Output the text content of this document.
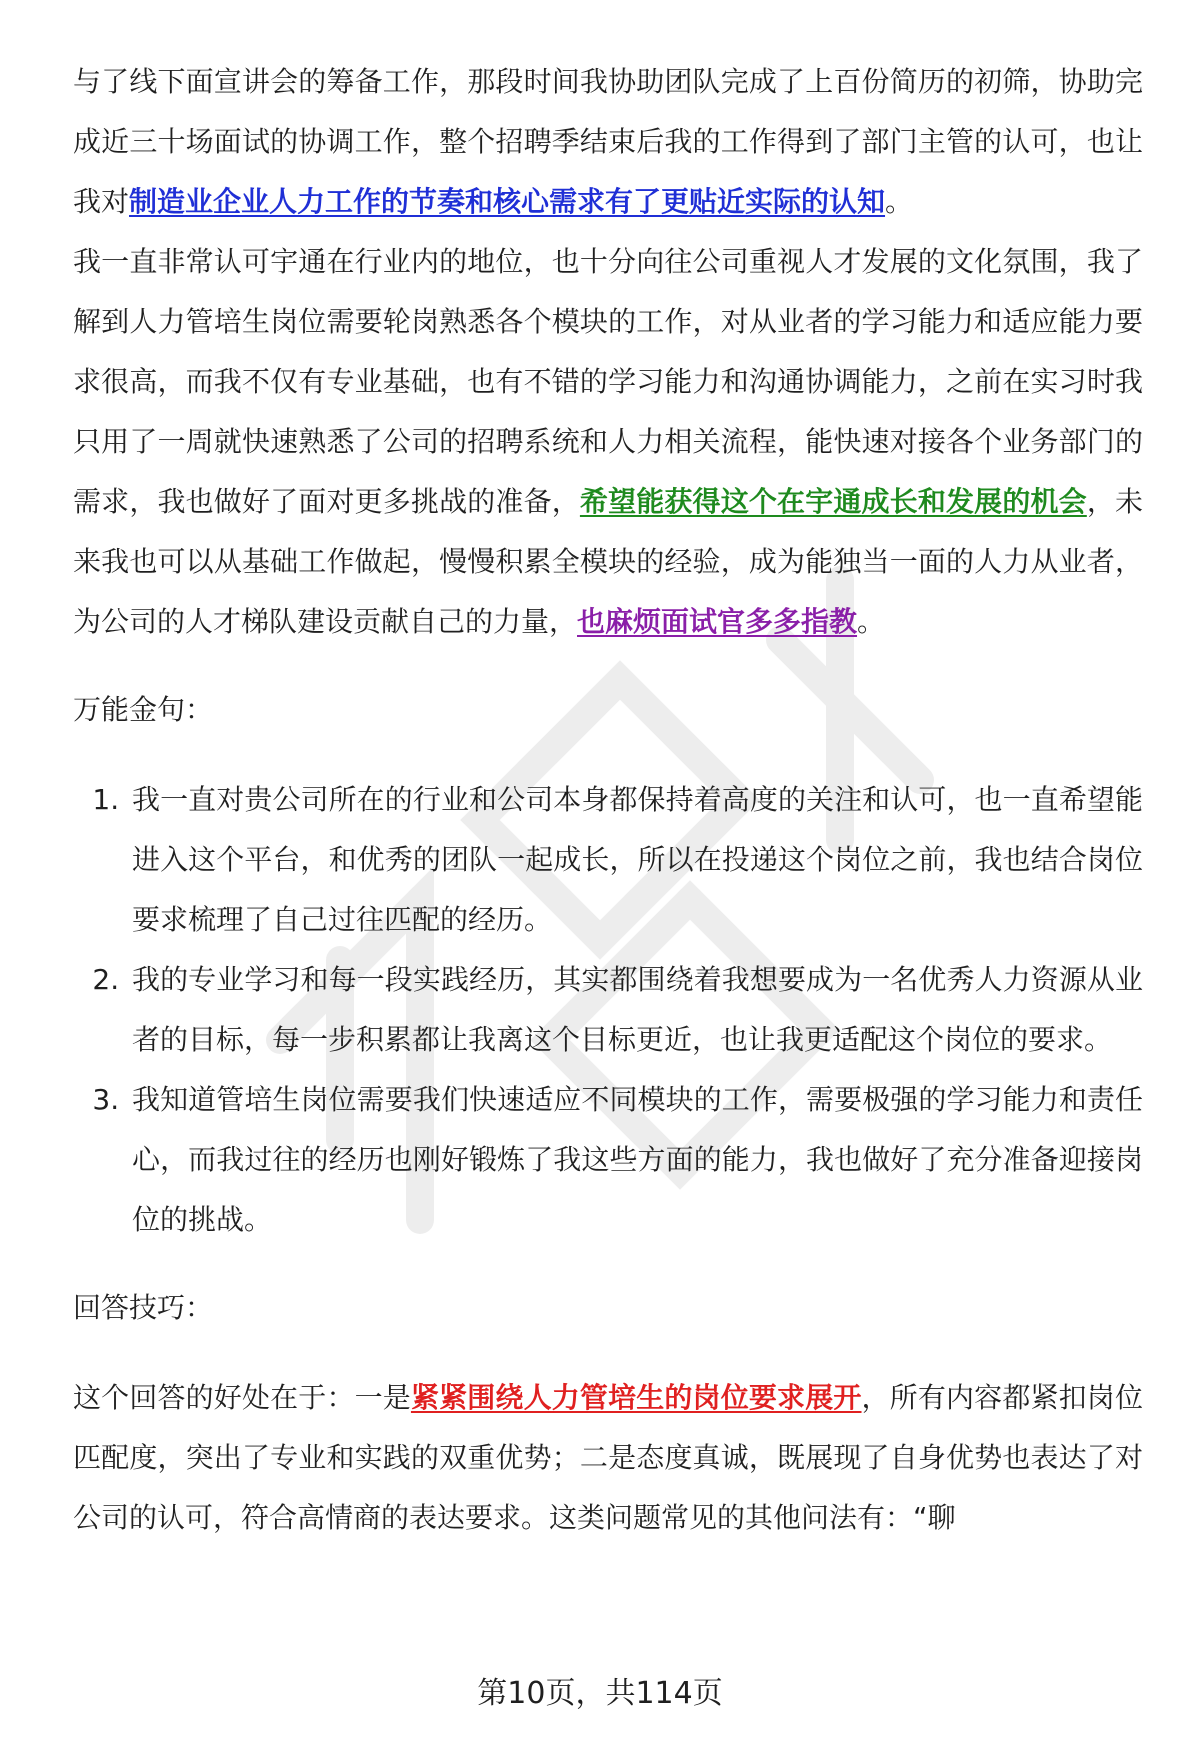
与了线下面宣讲会的筹备工作，那段时间我协助团队完成了上百份简历的初筛，协助完成近三十场面试的协调工作，整个招聘季结束后我的工作得到了部门主管的认可，也让我对制造业企业人力工作的节奏和核心需求有了更贴近实际的认知。

我一直非常认可宇通在行业内的地位，也十分向往公司重视人才发展的文化氛围，我了解到人力管培生岗位需要轮岗熟悉各个模块的工作，对从业者的学习能力和适应能力要求很高，而我不仅有专业基础，也有不错的学习能力和沟通协调能力，之前在实习时我只用了一周就快速熟悉了公司的招聘系统和人力相关流程，能快速对接各个业务部门的需求，我也做好了面对更多挑战的准备，希望能获得这个在宇通成长和发展的机会，未来我也可以从基础工作做起，慢慢积累全模块的经验，成为能独当一面的人力从业者，为公司的人才梯队建设贡献自己的力量，也麻烦面试官多多指教。

万能金句：

1. 我一直对贵公司所在的行业和公司本身都保持着高度的关注和认可，也一直希望能进入这个平台，和优秀的团队一起成长，所以在投递这个岗位之前，我也结合岗位要求梳理了自己过往匹配的经历。
2. 我的专业学习和每一段实践经历，其实都围绕着我想要成为一名优秀人力资源从业者的目标，每一步积累都让我离这个目标更近，也让我更适配这个岗位的要求。
3. 我知道管培生岗位需要我们快速适应不同模块的工作，需要极强的学习能力和责任心，而我过往的经历也刚好锻炼了我这些方面的能力，我也做好了充分准备迎接岗位的挑战。

回答技巧：

这个回答的好处在于：一是紧紧围绕人力管培生的岗位要求展开，所有内容都紧扣岗位匹配度，突出了专业和实践的双重优势；二是态度真诚，既展现了自身优势也表达了对公司的认可，符合高情商的表达要求。这类问题常见的其他问法有：“聊

第10页，共114页
